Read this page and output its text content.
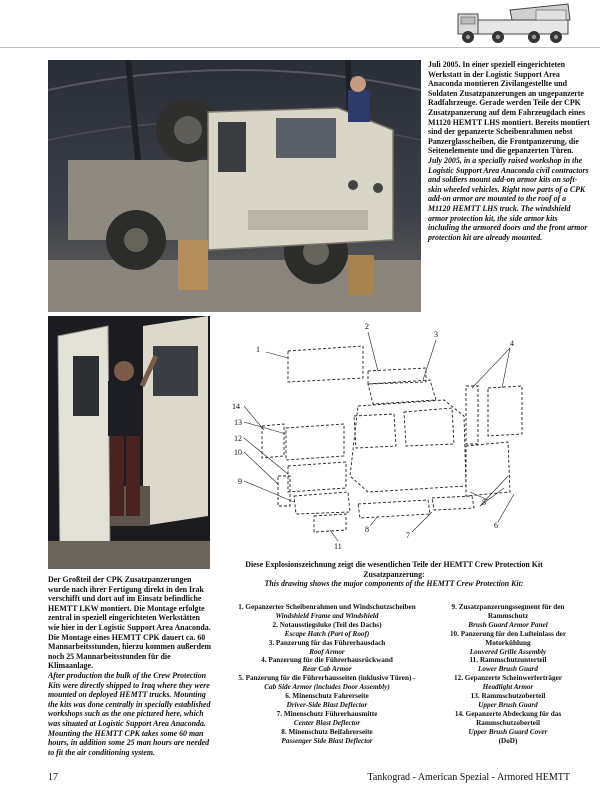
Juli 2005. In einer speziell eingerichteten Werkstatt in der Logistic Support Area Anaconda montieren Zivilangestellte und Soldaten Zusatzpanzerungen an ungepanzerte Radfahrzeuge. Gerade werden Teile der CPK Zusatzpanzerung auf dem Fahrzeugdach eines M1120 HEMTT LHS montiert. Bereits montiert sind der gepanzerte Scheibenrahmen nebst Panzerglasscheiben, die Frontpanzerung, die Seitenelemente und die gepanzerten Türen.

July 2005, in a specially raised workshop in the Logistic Support Area Anaconda civil contractors and soldiers mount add-on armor kits on soft-skin wheeled vehicles. Right now parts of a CPK add-on armor are mounted to the roof of a M1120 HEMTT LHS truck. The windshield armor protection kit, the side armor kits including the armored doors and the front armor protection kit are already mounted.

1
2
3
4
5
6
7
8
9
10
11
12
13
14
Diese Explosionszeichnung zeigt die wesentlichen Teile der HEMTT Crew Protection Kit Zusatzpanzerung:
This drawing shows the major components of the HEMTT Crew Protection Kit:
1. Gepanzerter Scheibenrahmen und Windschutzscheiben
Windshield Frame and Windshield
2. Notausstiegsluke (Teil des Dachs)
Escape Hatch (Part of Roof)
3. Panzerung für das Führerhausdach
Roof Armor
4. Panzerung für die Führerhausrückwand
Rear Cab Armor
5. Panzerung für die Führerhausseiten (inklusive Türen) -
Cab Side Armor (includes Door Assembly)
6. Minenschutz Fahrerseite
Driver-Side Blast Deflector
7. Minenschutz Führerhausmitte
Center Blast Deflector
8. Minenschutz Beifahrerseite
Passenger Side Blast Deflector
9. Zusatzpanzerungssegment für den Rammschutz
Brush Guard Armor Panel
10. Panzerung für den Lufteinlass der Motorkühlung
Louvered Grille Assembly
11. Rammschutzunterteil
Lower Brush Guard
12. Gepanzerte Scheinwerferträger
Headlight Armor
13. Rammschutzoberteil
Upper Brush Guard
14. Gepanzerte Abdeckung für das Rammschutzoberteil
Upper Brush Guard Cover
(DoD)

Der Großteil der CPK Zusatzpanzerungen wurde nach ihrer Fertigung direkt in den Irak verschifft und dort auf im Einsatz befindliche HEMTT LKW montiert. Die Montage erfolgte zentral in speziell eingerichteten Werkstätten wie hier in der Logistic Support Area Anaconda. Die Montage eines HEMTT CPK dauert ca. 60 Mannarbeitsstunden, hierzu kommen außerdem noch 25 Mannarbeitsstunden für die Klimaanlage.

After production the bulk of the Crew Protection Kits were directly shipped to Iraq where they were mounted on deployed HEMTT trucks. Mounting the kits was done centrally in specially established workshops such as the one pictured here, which was situated at Logistic Support Area Anaconda. Mounting the HEMTT CPK takes some 60 man hours, in addition some 25 man hours are needed to fit the air conditioning system.

17	Tankograd - American Spezial - Armored HEMTT
